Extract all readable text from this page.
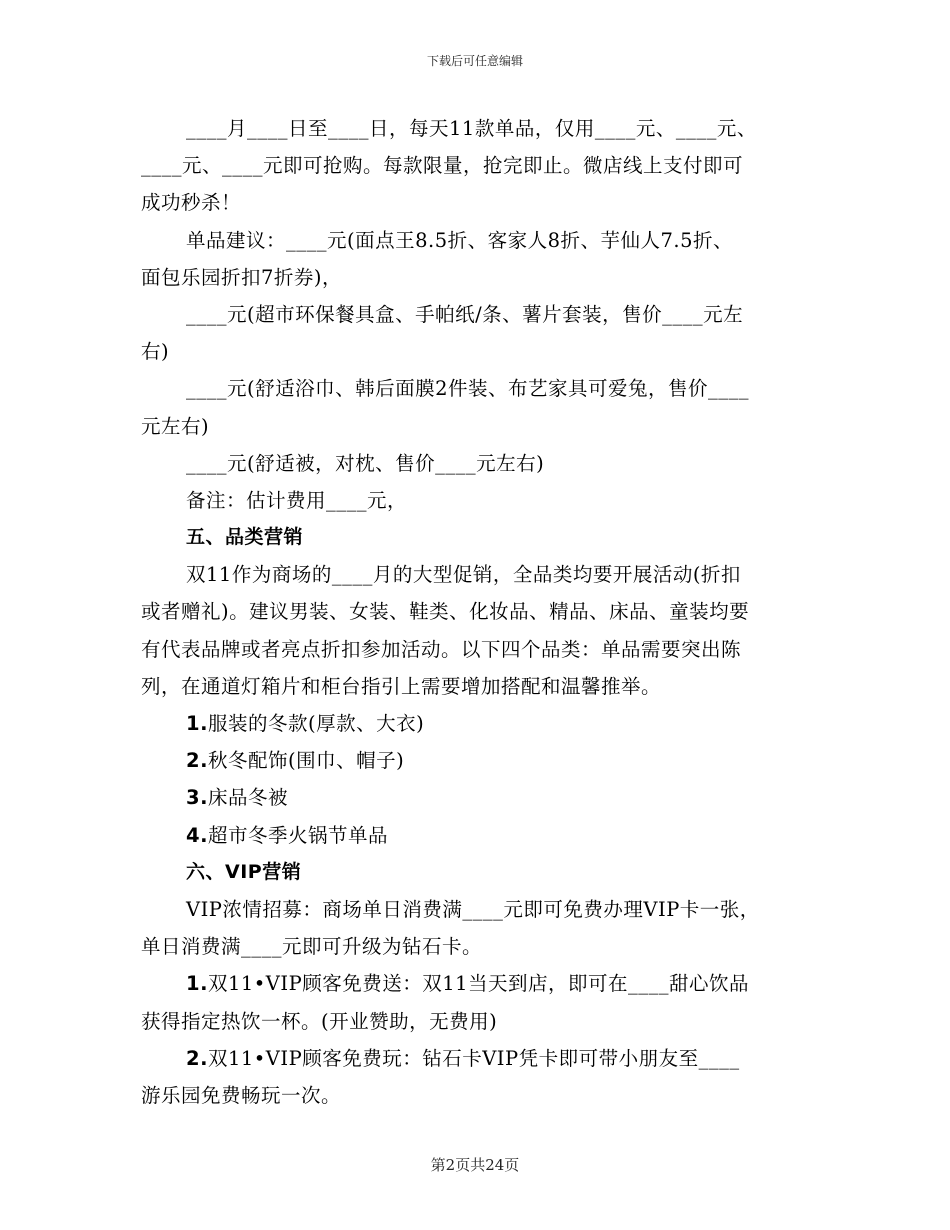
下载后可任意编辑
____月____日至____日，每天11款单品，仅用____元、____元、
____元、____元即可抢购。每款限量，抢完即止。微店线上支付即可
成功秒杀！
单品建议：____元(面点王8.5折、客家人8折、芋仙人7.5折、
面包乐园折扣7折券)，
____元(超市环保餐具盒、手帕纸/条、薯片套装，售价____元左
右)
____元(舒适浴巾、韩后面膜2件装、布艺家具可爱兔，售价____
元左右)
____元(舒适被，对枕、售价____元左右)
备注：估计费用____元，
五、品类营销
双11作为商场的____月的大型促销，全品类均要开展活动(折扣
或者赠礼)。建议男装、女装、鞋类、化妆品、精品、床品、童装均要
有代表品牌或者亮点折扣参加活动。以下四个品类：单品需要突出陈
列，在通道灯箱片和柜台指引上需要增加搭配和温馨推举。
1.服装的冬款(厚款、大衣)
2.秋冬配饰(围巾、帽子)
3.床品冬被
4.超市冬季火锅节单品
六、VIP营销
VIP浓情招募：商场单日消费满____元即可免费办理VIP卡一张，
单日消费满____元即可升级为钻石卡。
1.双11•VIP顾客免费送：双11当天到店，即可在____甜心饮品
获得指定热饮一杯。(开业赞助，无费用)
2.双11•VIP顾客免费玩：钻石卡VIP凭卡即可带小朋友至____
游乐园免费畅玩一次。
第2页共24页
